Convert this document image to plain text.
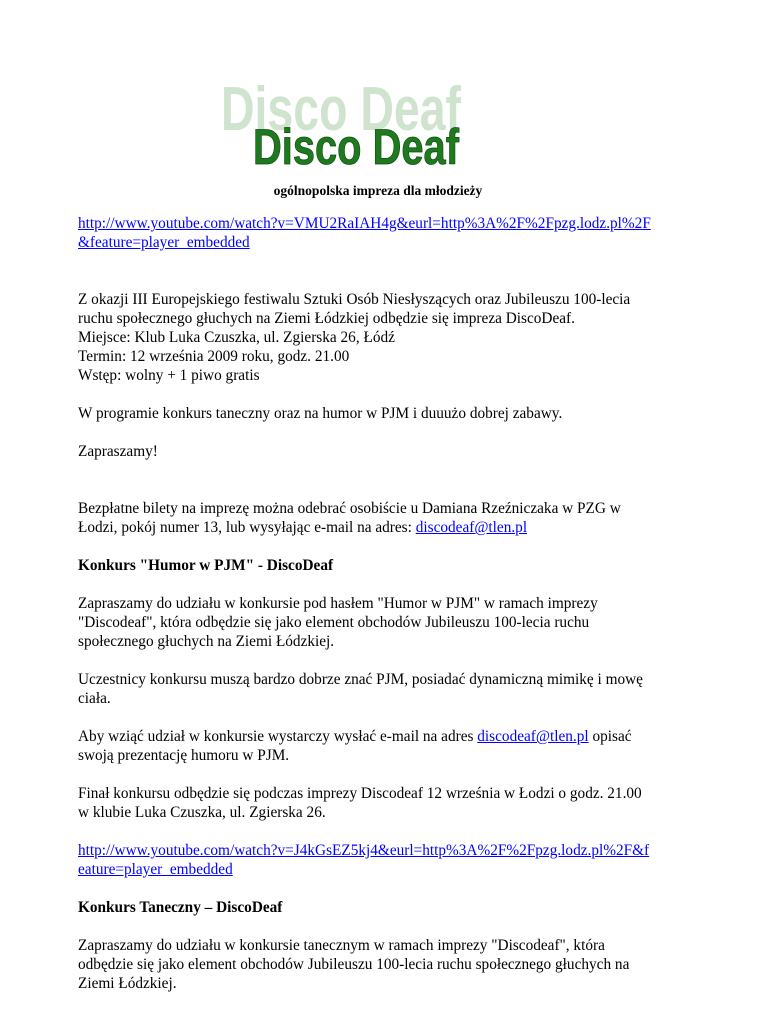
Disco Deaf
Disco Deaf
ogólnopolska impreza dla młodzieży

http://www.youtube.com/watch?v=VMU2RaIAH4g&eurl=http%3A%2F%2Fpzg.lodz.pl%2F
&feature=player_embedded

Z okazji III Europejskiego festiwalu Sztuki Osób Niesłyszących oraz Jubileuszu 100-lecia
ruchu społecznego głuchych na Ziemi Łódzkiej odbędzie się impreza DiscoDeaf.
Miejsce: Klub Luka Czuszka, ul. Zgierska 26, Łódź
Termin: 12 września 2009 roku, godz. 21.00
Wstęp: wolny + 1 piwo gratis

W programie konkurs taneczny oraz na humor w PJM i duuużo dobrej zabawy.

Zapraszamy!

Bezpłatne bilety na imprezę można odebrać osobiście u Damiana Rzeźniczaka w PZG w
Łodzi, pokój numer 13, lub wysyłając e-mail na adres: discodeaf@tlen.pl

Konkurs "Humor w PJM" - DiscoDeaf

Zapraszamy do udziału w konkursie pod hasłem "Humor w PJM" w ramach imprezy
"Discodeaf", która odbędzie się jako element obchodów Jubileuszu 100-lecia ruchu
społecznego głuchych na Ziemi Łódzkiej.

Uczestnicy konkursu muszą bardzo dobrze znać PJM, posiadać dynamiczną mimikę i mowę
ciała.

Aby wziąć udział w konkursie wystarczy wysłać e-mail na adres discodeaf@tlen.pl opisać
swoją prezentację humoru w PJM.

Finał konkursu odbędzie się podczas imprezy Discodeaf 12 września w Łodzi o godz. 21.00
w klubie Luka Czuszka, ul. Zgierska 26.

http://www.youtube.com/watch?v=J4kGsEZ5kj4&eurl=http%3A%2F%2Fpzg.lodz.pl%2F&f
eature=player_embedded

Konkurs Taneczny – DiscoDeaf

Zapraszamy do udziału w konkursie tanecznym w ramach imprezy "Discodeaf", która
odbędzie się jako element obchodów Jubileuszu 100-lecia ruchu społecznego głuchych na
Ziemi Łódzkiej.
